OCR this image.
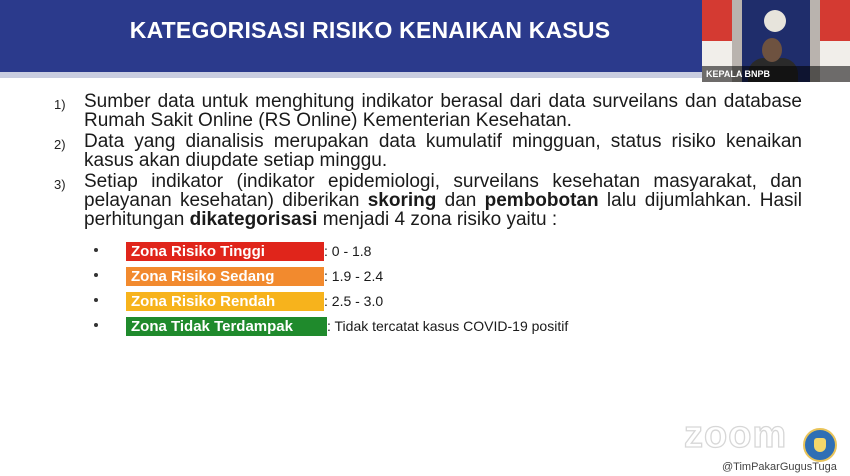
KATEGORISASI RISIKO KENAIKAN KASUS
KEPALA BNPB
1) Sumber data untuk menghitung indikator berasal dari data surveilans dan database Rumah Sakit Online (RS Online) Kementerian Kesehatan.
2) Data yang dianalisis merupakan data kumulatif mingguan, status risiko kenaikan kasus akan diupdate setiap minggu.
3) Setiap indikator (indikator epidemiologi, surveilans kesehatan masyarakat, dan pelayanan kesehatan) diberikan skoring dan pembobotan lalu dijumlahkan. Hasil perhitungan dikategorisasi menjadi 4 zona risiko yaitu :
Zona Risiko Tinggi	: 0 - 1.8
Zona Risiko Sedang	: 1.9 - 2.4
Zona Risiko Rendah	: 2.5 - 3.0
Zona Tidak Terdampak	: Tidak tercatat kasus COVID-19 positif
zoom
@TimPakarGugusTuga
